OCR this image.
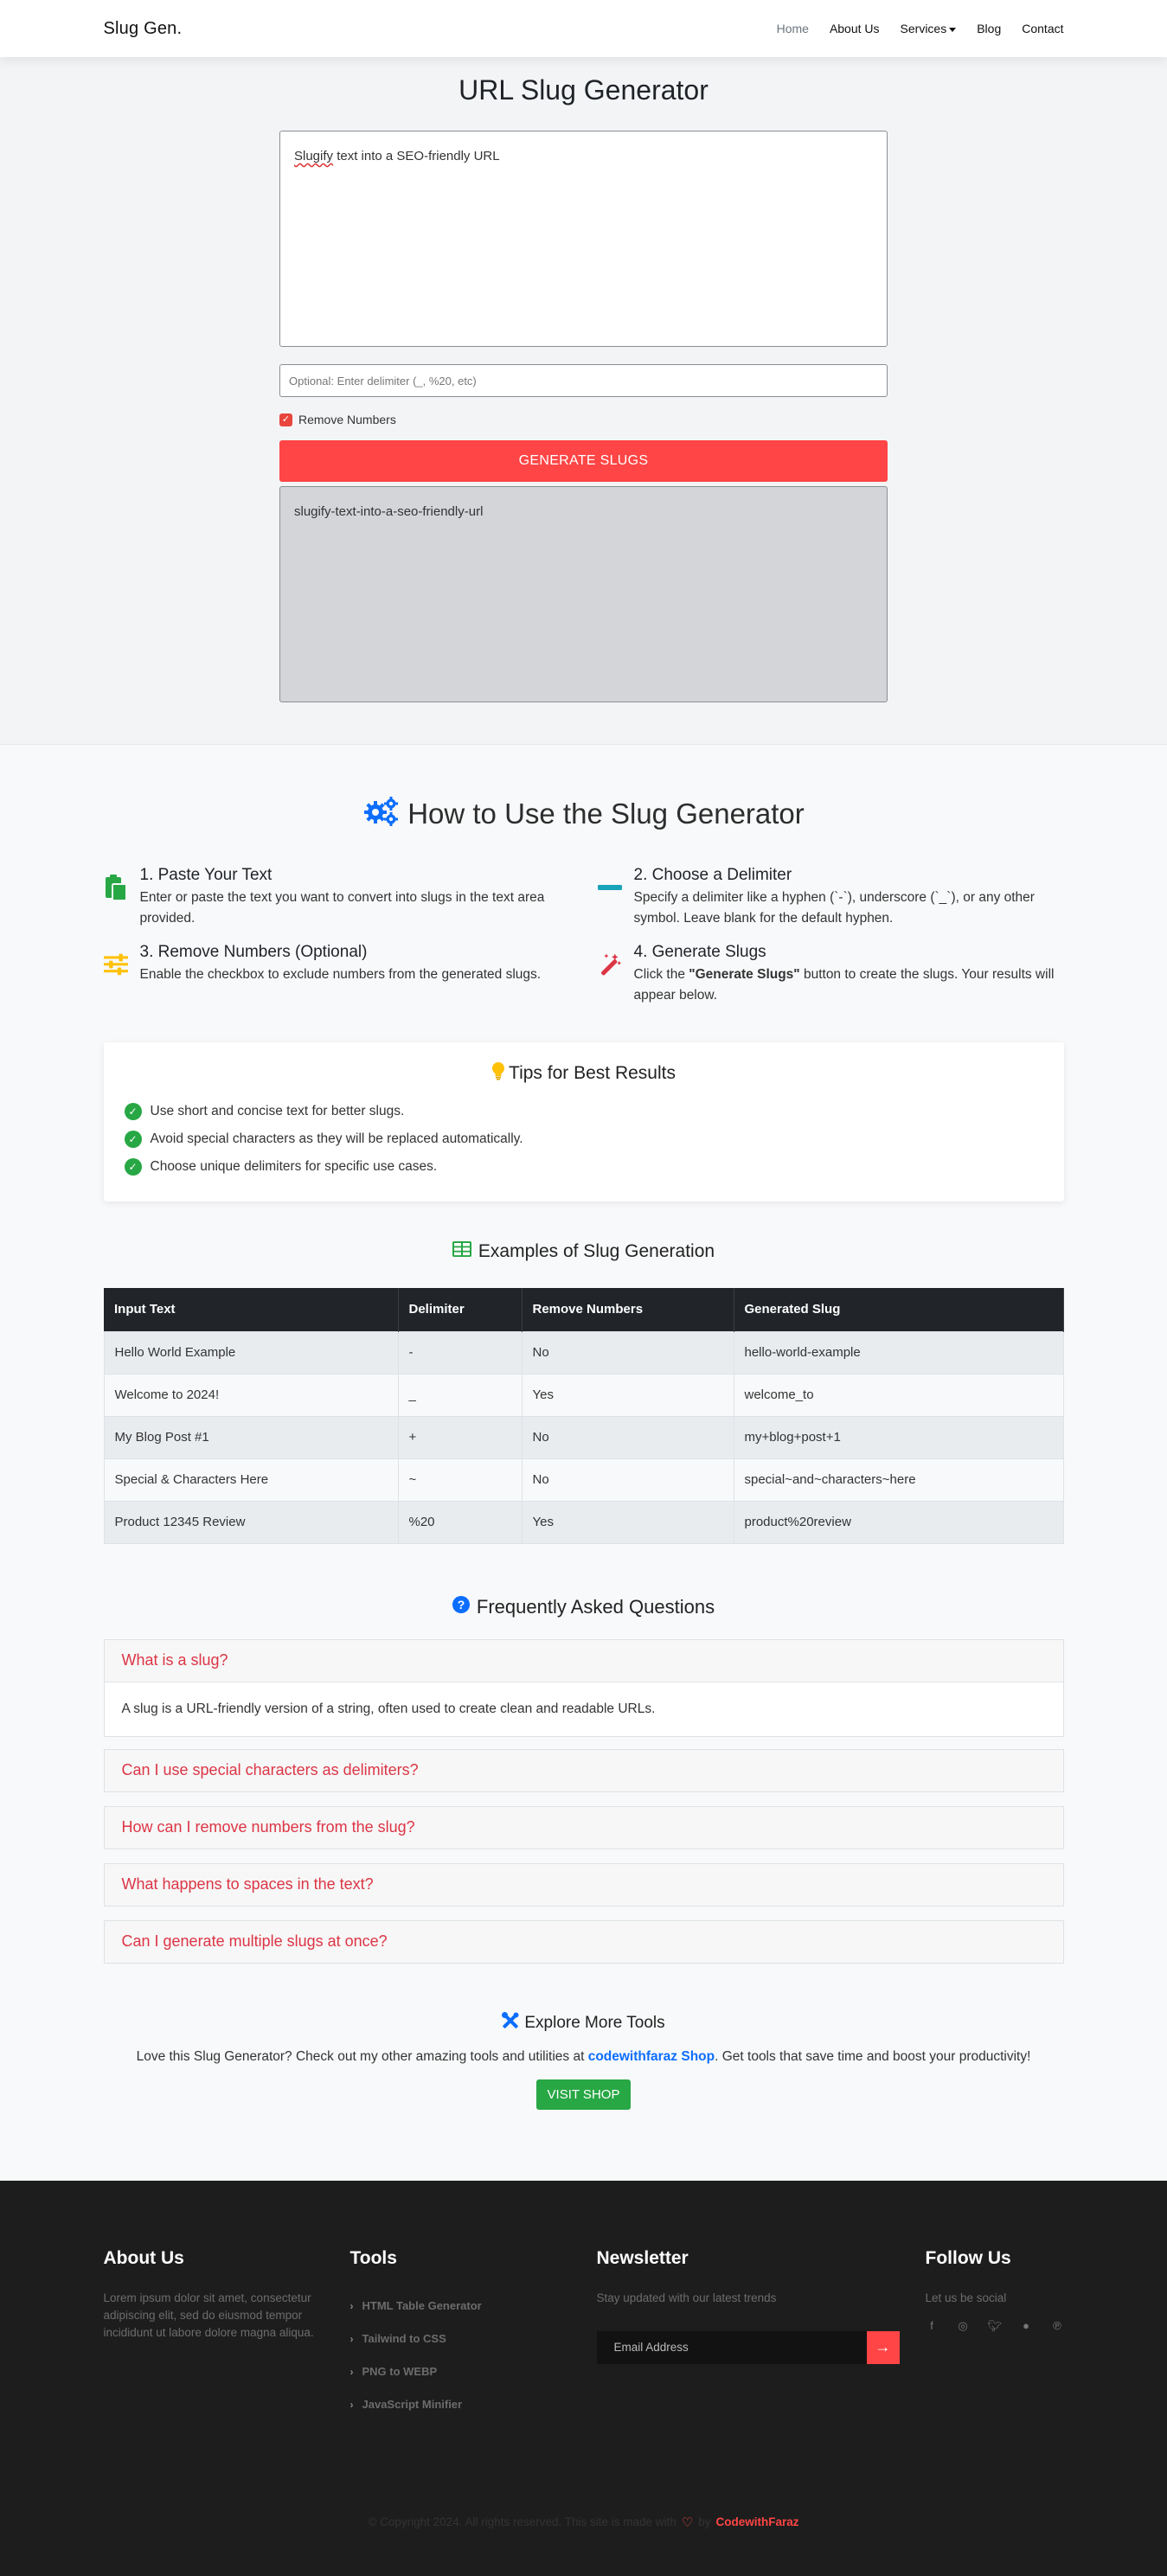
Slug Gen.	Home About Us Services	Blog Contact
URL Slug Generator
Slugify text into a SEO-friendly URL
Optional: Enter delimiter (_, %20, etc)
✓ Remove Numbers
GENERATE SLUGS
slugify-text-into-a-seo-friendly-url
How to Use the Slug Generator
1. Paste Your Text

Enter or paste the text you want to convert into slugs in the text area provided.

2. Choose a Delimiter

Specify a delimiter like a hyphen (`-`), underscore (`_`), or any other symbol. Leave blank for the default hyphen.

3. Remove Numbers (Optional)

Enable the checkbox to exclude numbers from the generated slugs.

4. Generate Slugs

Click the "Generate Slugs" button to create the slugs. Your results will appear below.

Tips for Best Results
✓ Use short and concise text for better slugs.
✓ Avoid special characters as they will be replaced automatically.
✓ Choose unique delimiters for specific use cases.
Examples of Slug Generation
Input Text	Delimiter	Remove Numbers	Generated Slug
Hello World Example	-	No	hello-world-example
Welcome to 2024!	_	Yes	welcome_to
My Blog Post #1	+	No	my+blog+post+1
Special & Characters Here	~	No	special~and~characters~here
Product 12345 Review	%20	Yes	product%20review
? Frequently Asked Questions
What is a slug?
A slug is a URL-friendly version of a string, often used to create clean and readable URLs.
Can I use special characters as delimiters?
How can I remove numbers from the slug?
What happens to spaces in the text?
Can I generate multiple slugs at once?
Explore More Tools

Love this Slug Generator? Check out my other amazing tools and utilities at codewithfaraz Shop. Get tools that save time and boost your productivity!

VISIT SHOP
About Us

Lorem ipsum dolor sit amet, consectetur adipiscing elit, sed do eiusmod tempor incididunt ut labore dolore magna aliqua.

Tools
› HTML Table Generator
› Tailwind to CSS
› PNG to WEBP
› JavaScript Minifier
Newsletter

Stay updated with our latest trends

Email Address	→
Follow Us

Let us be social

f	◎ 🐦︎ ● ℗
© Copyright 2024. All rights reserved. This site is made with ♡ by CodewithFaraz
